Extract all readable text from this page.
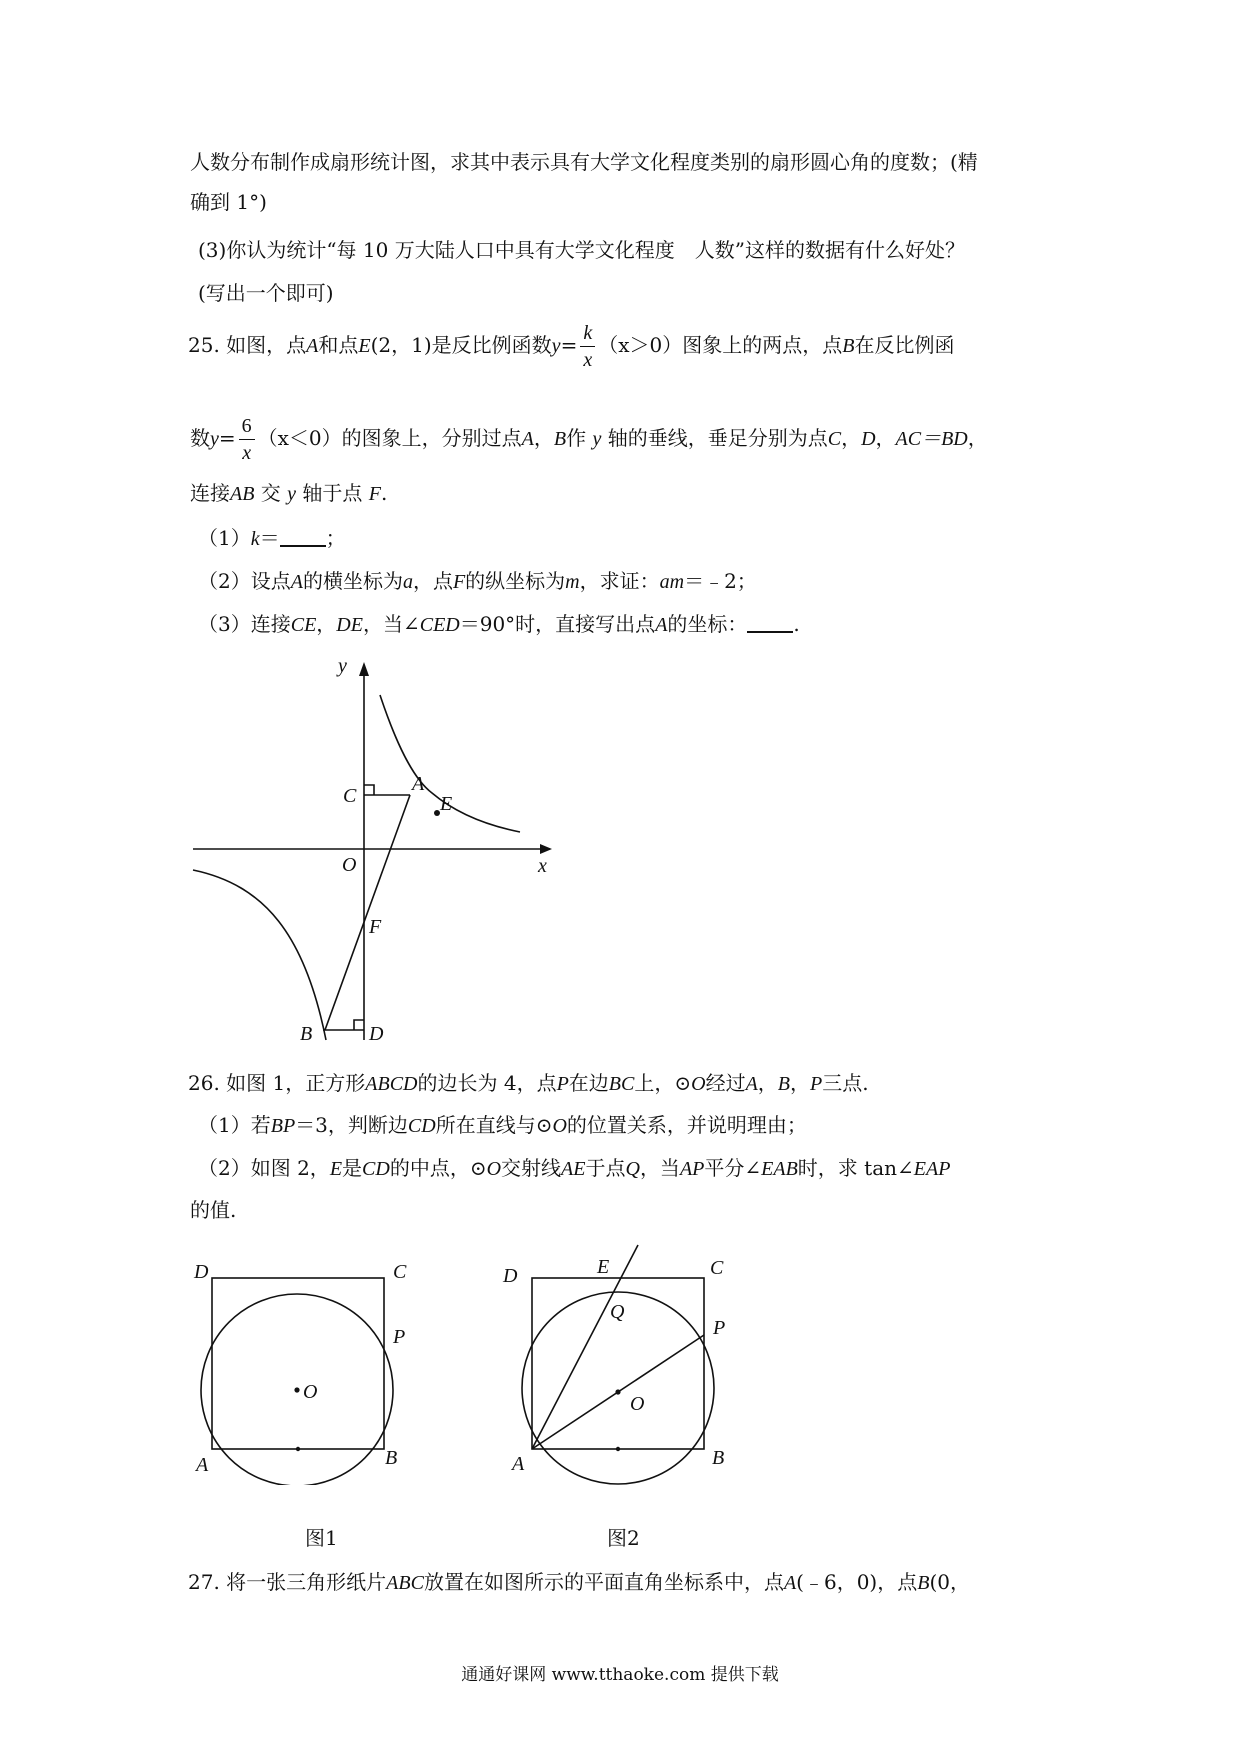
人数分布制作成扇形统计图，求其中表示具有大学文化程度类别的扇形圆心角的度数；(精
确到 1°)
(3)你认为统计“每 10 万大陆人口中具有大学文化程度　人数”这样的数据有什么好处？
(写出一个即可)
25. 如图，点A和点E(2，1)是反比例函数$y= \frac{k}{x} (x>0)$图象上的两点，点B在反比例函
数$y= \frac{6}{x} (x<0)$的图象上，分别过点A，B作 y 轴的垂线，垂足分别为点C，D，AC＝BD，
连接AB 交 y 轴于点 F.
（1）k＝ ；
（2）设点A的横坐标为a，点F的纵坐标为m，求证：am＝﹣2；
（3）连接CE，DE，当∠CED＝90°时，直接写出点A的坐标： .
y
x
O
A
E
C
F
B	D
26. 如图 1，正方形ABCD的边长为 4，点P在边BC上，⊙O经过A，B，P三点.
（1）若BP＝3，判断边CD所在直线与⊙O的位置关系，并说明理由；
（2）如图 2，E是CD的中点，⊙O交射线AE于点Q，当AP平分∠EAB时，求 tan∠EAP
的值.
D	C
P
O
A	B
图1
D	E	C
Q
P
O
A	B
图2
27. 将一张三角形纸片ABC放置在如图所示的平面直角坐标系中，点A(﹣6，0)，点B(0，
通通好课网 www.tthaoke.com 提供下载
